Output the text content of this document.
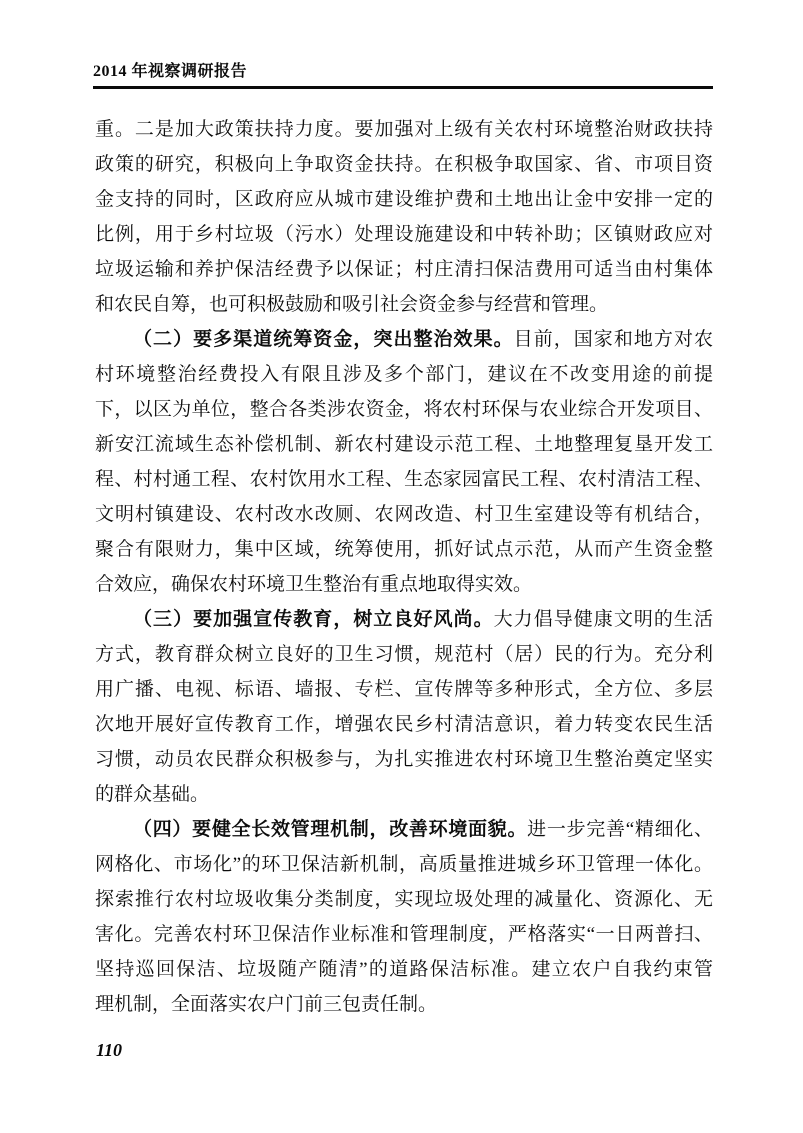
2014 年视察调研报告
重。二是加大政策扶持力度。要加强对上级有关农村环境整治财政扶持
政策的研究，积极向上争取资金扶持。在积极争取国家、省、市项目资
金支持的同时，区政府应从城市建设维护费和土地出让金中安排一定的
比例，用于乡村垃圾（污水）处理设施建设和中转补助；区镇财政应对
垃圾运输和养护保洁经费予以保证；村庄清扫保洁费用可适当由村集体
和农民自筹，也可积极鼓励和吸引社会资金参与经营和管理。
（二）要多渠道统筹资金，突出整治效果。目前，国家和地方对农
村环境整治经费投入有限且涉及多个部门，建议在不改变用途的前提
下，以区为单位，整合各类涉农资金，将农村环保与农业综合开发项目、
新安江流域生态补偿机制、新农村建设示范工程、土地整理复垦开发工
程、村村通工程、农村饮用水工程、生态家园富民工程、农村清洁工程、
文明村镇建设、农村改水改厕、农网改造、村卫生室建设等有机结合，
聚合有限财力，集中区域，统筹使用，抓好试点示范，从而产生资金整
合效应，确保农村环境卫生整治有重点地取得实效。
（三）要加强宣传教育，树立良好风尚。大力倡导健康文明的生活
方式，教育群众树立良好的卫生习惯，规范村（居）民的行为。充分利
用广播、电视、标语、墙报、专栏、宣传牌等多种形式，全方位、多层
次地开展好宣传教育工作，增强农民乡村清洁意识，着力转变农民生活
习惯，动员农民群众积极参与，为扎实推进农村环境卫生整治奠定坚实
的群众基础。
（四）要健全长效管理机制，改善环境面貌。进一步完善“精细化、
网格化、市场化”的环卫保洁新机制，高质量推进城乡环卫管理一体化。
探索推行农村垃圾收集分类制度，实现垃圾处理的减量化、资源化、无
害化。完善农村环卫保洁作业标准和管理制度，严格落实“一日两普扫、
坚持巡回保洁、垃圾随产随清”的道路保洁标准。建立农户自我约束管
理机制，全面落实农户门前三包责任制。
110
